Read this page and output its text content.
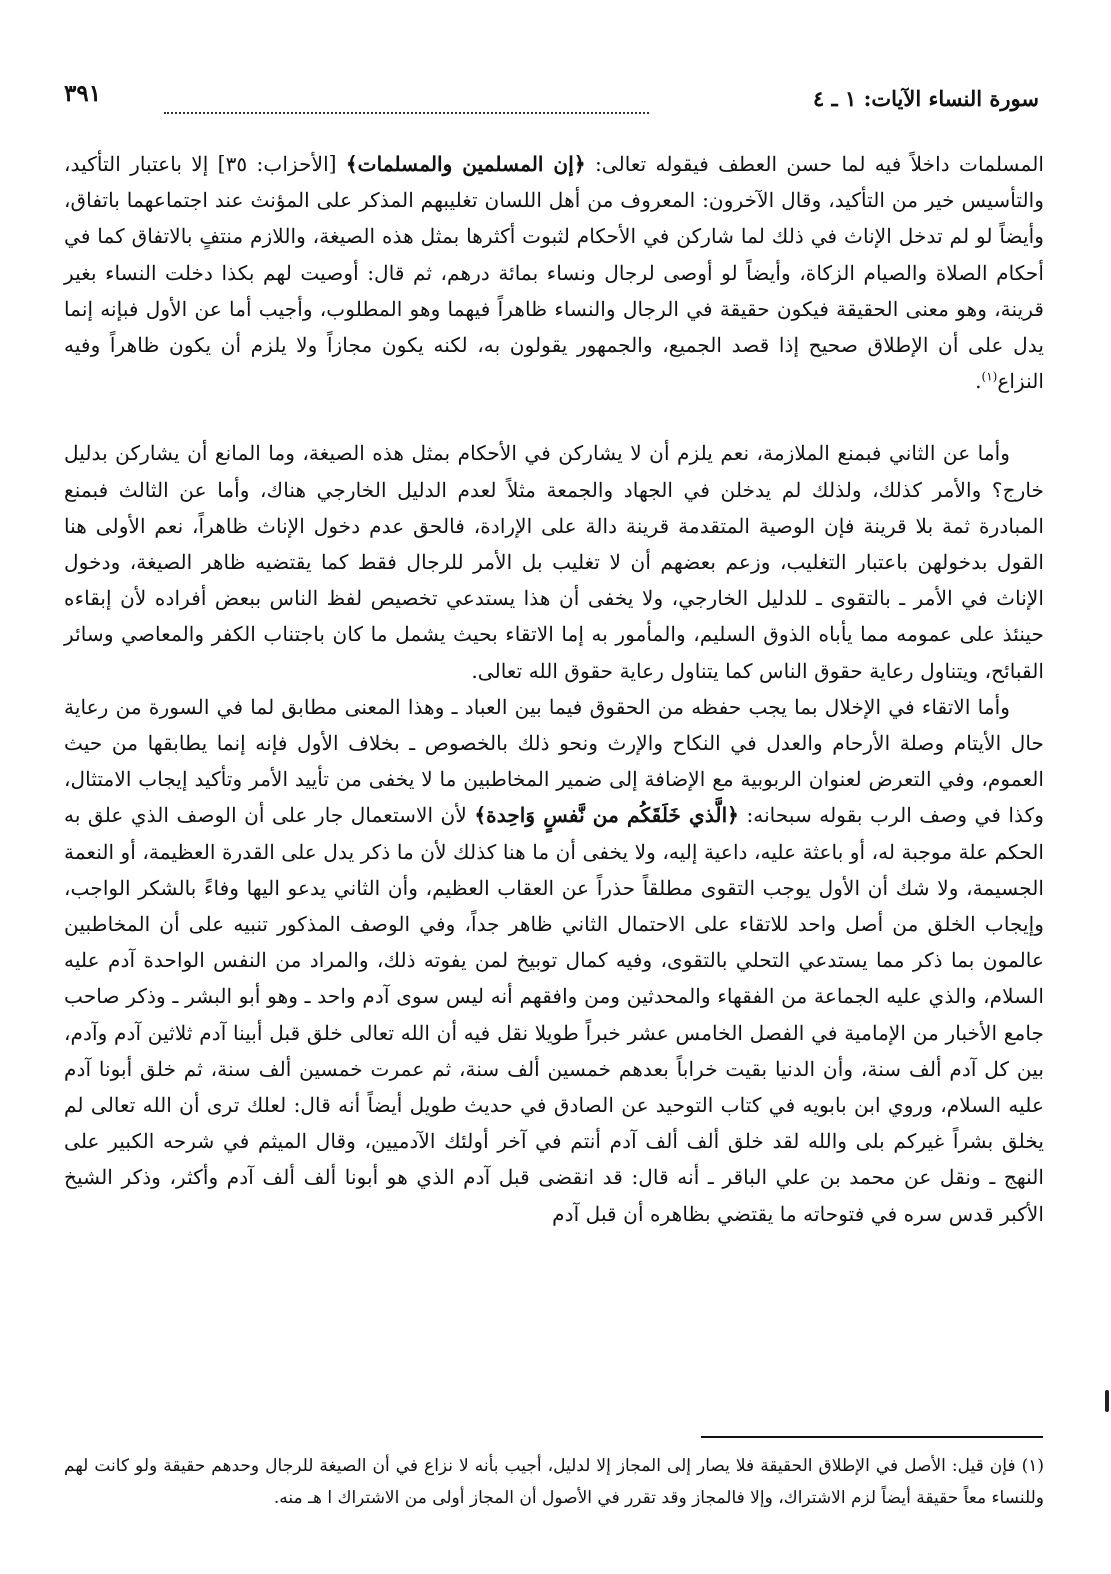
سورة النساء الآيات: ١ ـ ٤
٣٩١

المسلمات داخلاً فيه لما حسن العطف فيقوله تعالى: ﴿إن المسلمين والمسلمات﴾ [الأحزاب: ٣٥] إلا باعتبار التأكيد، والتأسيس خير من التأكيد، وقال الآخرون: المعروف من أهل اللسان تغليبهم المذكر على المؤنث عند اجتماعهما باتفاق، وأيضاً لو لم تدخل الإناث في ذلك لما شاركن في الأحكام لثبوت أكثرها بمثل هذه الصيغة، واللازم منتفٍ بالاتفاق كما في أحكام الصلاة والصيام الزكاة، وأيضاً لو أوصى لرجال ونساء بمائة درهم، ثم قال: أوصيت لهم بكذا دخلت النساء بغير قرينة، وهو معنى الحقيقة فيكون حقيقة في الرجال والنساء ظاهراً فيهما وهو المطلوب، وأجيب أما عن الأول فبإنه إنما يدل على أن الإطلاق صحيح إذا قصد الجميع، والجمهور يقولون به، لكنه يكون مجازاً ولا يلزم أن يكون ظاهراً وفيه النزاع$^{(١)}$.

وأما عن الثاني فبمنع الملازمة، نعم يلزم أن لا يشاركن في الأحكام بمثل هذه الصيغة، وما المانع أن يشاركن بدليل خارج؟ والأمر كذلك، ولذلك لم يدخلن في الجهاد والجمعة مثلاً لعدم الدليل الخارجي هناك، وأما عن الثالث فبمنع المبادرة ثمة بلا قرينة فإن الوصية المتقدمة قرينة دالة على الإرادة، فالحق عدم دخول الإناث ظاهراً، نعم الأولى هنا القول بدخولهن باعتبار التغليب، وزعم بعضهم أن لا تغليب بل الأمر للرجال فقط كما يقتضيه ظاهر الصيغة، ودخول الإناث في الأمر ـ بالتقوى ـ للدليل الخارجي، ولا يخفى أن هذا يستدعي تخصيص لفظ الناس ببعض أفراده لأن إبقاءه حينئذ على عمومه مما يأباه الذوق السليم، والمأمور به إما الاتقاء بحيث يشمل ما كان باجتناب الكفر والمعاصي وسائر القبائح، ويتناول رعاية حقوق الناس كما يتناول رعاية حقوق الله تعالى.

وأما الاتقاء في الإخلال بما يجب حفظه من الحقوق فيما بين العباد ـ وهذا المعنى مطابق لما في السورة من رعاية حال الأيتام وصلة الأرحام والعدل في النكاح والإرث ونحو ذلك بالخصوص ـ بخلاف الأول فإنه إنما يطابقها من حيث العموم، وفي التعرض لعنوان الربوبية مع الإضافة إلى ضمير المخاطبين ما لا يخفى من تأييد الأمر وتأكيد إيجاب الامتثال، وكذا في وصف الرب بقوله سبحانه: ﴿الَّذي خَلَقَكُم من نَّفسٍ وَاحِدة﴾ لأن الاستعمال جار على أن الوصف الذي علق به الحكم علة موجبة له، أو باعثة عليه، داعية إليه، ولا يخفى أن ما هنا كذلك لأن ما ذكر يدل على القدرة العظيمة، أو النعمة الجسيمة، ولا شك أن الأول يوجب التقوى مطلقاً حذراً عن العقاب العظيم، وأن الثاني يدعو اليها وفاءً بالشكر الواجب، وإيجاب الخلق من أصل واحد للاتقاء على الاحتمال الثاني ظاهر جداً، وفي الوصف المذكور تنبيه على أن المخاطبين عالمون بما ذكر مما يستدعي التحلي بالتقوى، وفيه كمال توبيخ لمن يفوته ذلك، والمراد من النفس الواحدة آدم عليه السلام، والذي عليه الجماعة من الفقهاء والمحدثين ومن وافقهم أنه ليس سوى آدم واحد ـ وهو أبو البشر ـ وذكر صاحب جامع الأخبار من الإمامية في الفصل الخامس عشر خبراً طويلا نقل فيه أن الله تعالى خلق قبل أبينا آدم ثلاثين آدم وآدم، بين كل آدم ألف سنة، وأن الدنيا بقيت خراباً بعدهم خمسين ألف سنة، ثم عمرت خمسين ألف سنة، ثم خلق أبونا آدم عليه السلام، وروي ابن بابويه في كتاب التوحيد عن الصادق في حديث طويل أيضاً أنه قال: لعلك ترى أن الله تعالى لم يخلق بشراً غيركم بلى والله لقد خلق ألف ألف آدم أنتم في آخر أولئك الآدميين، وقال الميثم في شرحه الكبير على النهج ـ ونقل عن محمد بن علي الباقر ـ أنه قال: قد انقضى قبل آدم الذي هو أبونا ألف ألف آدم وأكثر، وذكر الشيخ الأكبر قدس سره في فتوحاته ما يقتضي بظاهره أن قبل آدم

(١) فإن قيل: الأصل في الإطلاق الحقيقة فلا يصار إلى المجاز إلا لدليل، أجيب بأنه لا نزاع في أن الصيغة للرجال وحدهم حقيقة ولو كانت لهم وللنساء معاً حقيقة أيضاً لزم الاشتراك، وإلا فالمجاز وقد تقرر في الأصول أن المجاز أولى من الاشتراك ا هـ منه.
